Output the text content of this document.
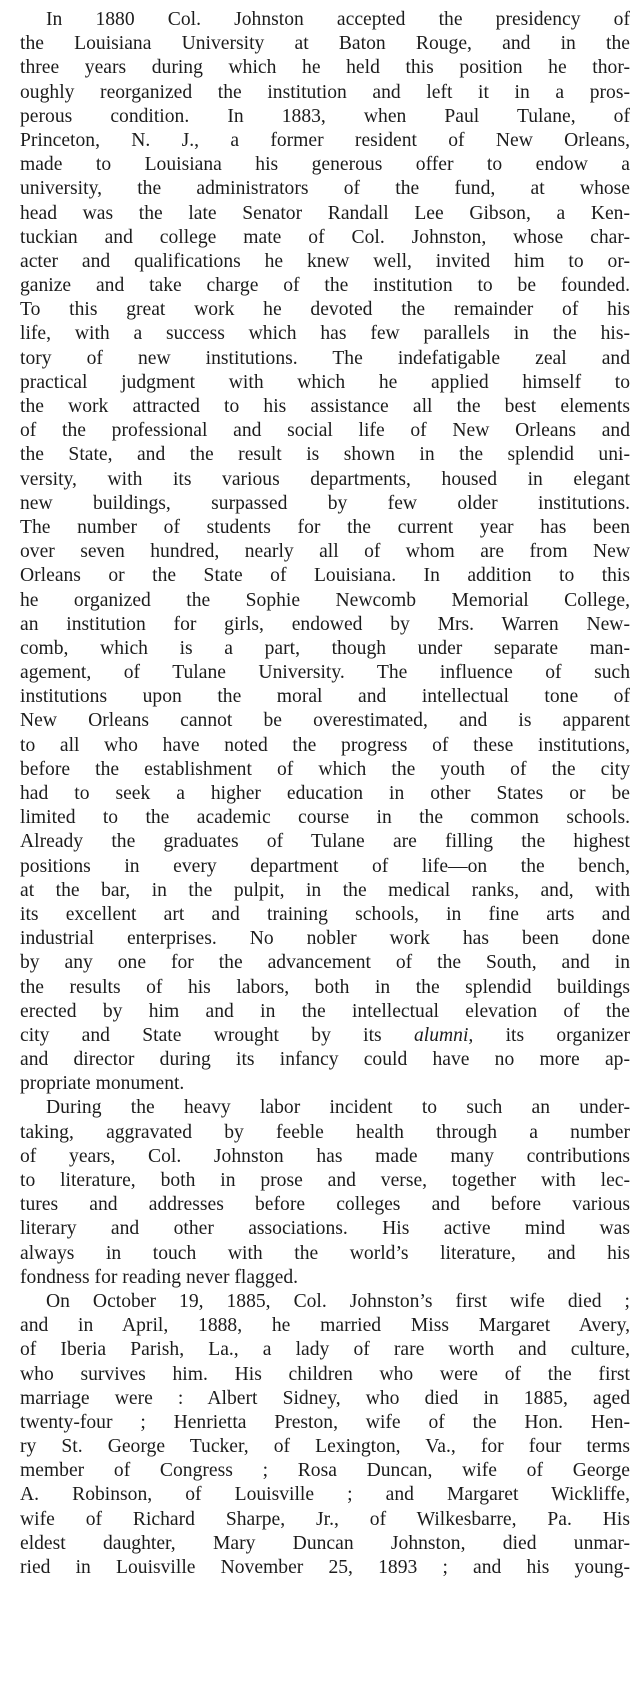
In 1880 Col. Johnston accepted the presidency of
the Louisiana University at Baton Rouge, and in the
three years during which he held this position he thor-
oughly reorganized the institution and left it in a pros-
perous condition. In 1883, when Paul Tulane, of
Princeton, N. J., a former resident of New Orleans,
made to Louisiana his generous offer to endow a
university, the administrators of the fund, at whose
head was the late Senator Randall Lee Gibson, a Ken-
tuckian and college mate of Col. Johnston, whose char-
acter and qualifications he knew well, invited him to or-
ganize and take charge of the institution to be founded.
To this great work he devoted the remainder of his
life, with a success which has few parallels in the his-
tory of new institutions. The indefatigable zeal and
practical judgment with which he applied himself to
the work attracted to his assistance all the best elements
of the professional and social life of New Orleans and
the State, and the result is shown in the splendid uni-
versity, with its various departments, housed in elegant
new buildings, surpassed by few older institutions.
The number of students for the current year has been
over seven hundred, nearly all of whom are from New
Orleans or the State of Louisiana. In addition to this
he organized the Sophie Newcomb Memorial College,
an institution for girls, endowed by Mrs. Warren New-
comb, which is a part, though under separate man-
agement, of Tulane University. The influence of such
institutions upon the moral and intellectual tone of
New Orleans cannot be overestimated, and is apparent
to all who have noted the progress of these institutions,
before the establishment of which the youth of the city
had to seek a higher education in other States or be
limited to the academic course in the common schools.
Already the graduates of Tulane are filling the highest
positions in every department of life—on the bench,
at the bar, in the pulpit, in the medical ranks, and, with
its excellent art and training schools, in fine arts and
industrial enterprises. No nobler work has been done
by any one for the advancement of the South, and in
the results of his labors, both in the splendid buildings
erected by him and in the intellectual elevation of the
city and State wrought by its alumni, its organizer
and director during its infancy could have no more ap-
propriate monument.
During the heavy labor incident to such an under-
taking, aggravated by feeble health through a number
of years, Col. Johnston has made many contributions
to literature, both in prose and verse, together with lec-
tures and addresses before colleges and before various
literary and other associations. His active mind was
always in touch with the world’s literature, and his
fondness for reading never flagged.
On October 19, 1885, Col. Johnston’s first wife died ;
and in April, 1888, he married Miss Margaret Avery,
of Iberia Parish, La., a lady of rare worth and culture,
who survives him. His children who were of the first
marriage were : Albert Sidney, who died in 1885, aged
twenty-four ; Henrietta Preston, wife of the Hon. Hen-
ry St. George Tucker, of Lexington, Va., for four terms
member of Congress ; Rosa Duncan, wife of George
A. Robinson, of Louisville ; and Margaret Wickliffe,
wife of Richard Sharpe, Jr., of Wilkesbarre, Pa. His
eldest daughter, Mary Duncan Johnston, died unmar-
ried in Louisville November 25, 1893 ; and his young-
